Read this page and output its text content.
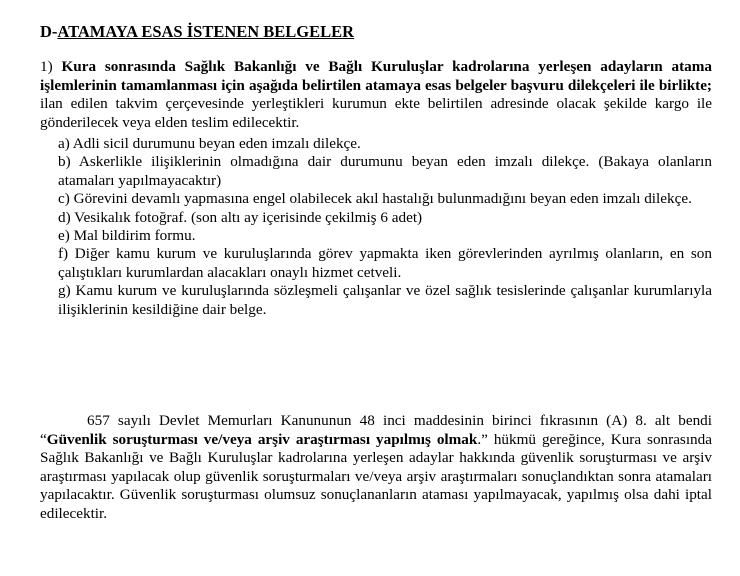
D-ATAMAYA ESAS İSTENEN BELGELER
1) Kura sonrasında Sağlık Bakanlığı ve Bağlı Kuruluşlar kadrolarına yerleşen adayların atama işlemlerinin tamamlanması için aşağıda belirtilen atamaya esas belgeler başvuru dilekçeleri ile birlikte; ilan edilen takvim çerçevesinde yerleştikleri kurumun ekte belirtilen adresinde olacak şekilde kargo ile gönderilecek veya elden teslim edilecektir.
a) Adli sicil durumunu beyan eden imzalı dilekçe.
b) Askerlikle ilişiklerinin olmadığına dair durumunu beyan eden imzalı dilekçe. (Bakaya olanların atamaları yapılmayacaktır)
c) Görevini devamlı yapmasına engel olabilecek akıl hastalığı bulunmadığını beyan eden imzalı dilekçe.
d) Vesikalık fotoğraf. (son altı ay içerisinde çekilmiş 6 adet)
e) Mal bildirim formu.
f) Diğer kamu kurum ve kuruluşlarında görev yapmakta iken görevlerinden ayrılmış olanların, en son çalıştıkları kurumlardan alacakları onaylı hizmet cetveli.
g) Kamu kurum ve kuruluşlarında sözleşmeli çalışanlar ve özel sağlık tesislerinde çalışanlar kurumlarıyla ilişiklerinin kesildiğine dair belge.
657 sayılı Devlet Memurları Kanununun 48 inci maddesinin birinci fıkrasının (A) 8. alt bendi “Güvenlik soruşturması ve/veya arşiv araştırması yapılmış olmak.” hükmü gereğince, Kura sonrasında Sağlık Bakanlığı ve Bağlı Kuruluşlar kadrolarına yerleşen adaylar hakkında güvenlik soruşturması ve arşiv araştırması yapılacak olup güvenlik soruşturmaları ve/veya arşiv araştırmaları sonuçlandıktan sonra atamaları yapılacaktır. Güvenlik soruşturması olumsuz sonuçlananların ataması yapılmayacak, yapılmış olsa dahi iptal edilecektir.
